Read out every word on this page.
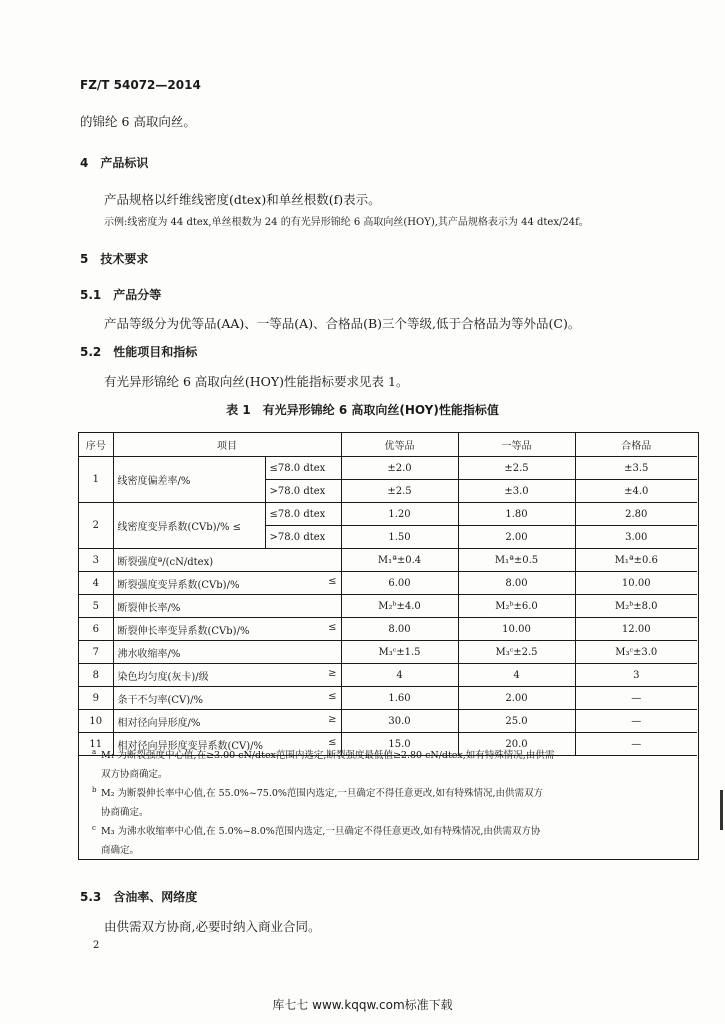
FZ/T 54072—2014
的锦纶 6 高取向丝。
4　产品标识
产品规格以纤维线密度(dtex)和单丝根数(f)表示。
示例:线密度为 44 dtex,单丝根数为 24 的有光异形锦纶 6 高取向丝(HOY),其产品规格表示为 44 dtex/24f。
5　技术要求
5.1　产品分等
产品等级分为优等品(AA)、一等品(A)、合格品(B)三个等级,低于合格品为等外品(C)。
5.2　性能项目和指标
有光异形锦纶 6 高取向丝(HOY)性能指标要求见表 1。
表 1　有光异形锦纶 6 高取向丝(HOY)性能指标值
序号	项目		优等品	一等品	合格品
1	线密度偏差率/%	≤78.0 dtex	±2.0	±2.5	±3.5
		>78.0 dtex	±2.5	±3.0	±4.0
2	线密度变异系数(CVb)/% ≤	≤78.0 dtex	1.20	1.80	2.80
		>78.0 dtex	1.50	2.00	3.00
3	断裂强度ª/(cN/dtex)		M₁ª±0.4	M₁ª±0.5	M₁ª±0.6
4	断裂强度变异系数(CVb)/% ≤		6.00	8.00	10.00
5	断裂伸长率/%		M₂ᵇ±4.0	M₂ᵇ±6.0	M₂ᵇ±8.0
6	断裂伸长率变异系数(CVb)/% ≤		8.00	10.00	12.00
7	沸水收缩率/%		M₃ᶜ±1.5	M₃ᶜ±2.5	M₃ᶜ±3.0
8	染色均匀度(灰卡)/级 ≥		4	4	3
9	条干不匀率(CV)/% ≤		1.60	2.00	—
10	相对径向异形度/% ≥		30.0	25.0	—
11	相对径向异形度变异系数(CV)/% ≤		15.0	20.0	—
a M₁ 为断裂强度中心值,在≥3.00 cN/dtex范围内选定,断裂强度最低值≥2.80 cN/dtex,如有特殊情况,由供需
双方协商确定。
b M₂ 为断裂伸长率中心值,在 55.0%~75.0%范围内选定,一旦确定不得任意更改,如有特殊情况,由供需双方
协商确定。
c M₃ 为沸水收缩率中心值,在 5.0%~8.0%范围内选定,一旦确定不得任意更改,如有特殊情况,由供需双方协
商确定。
5.3　含油率、网络度
由供需双方协商,必要时纳入商业合同。
2
库七七 www.kqqw.com标准下载
